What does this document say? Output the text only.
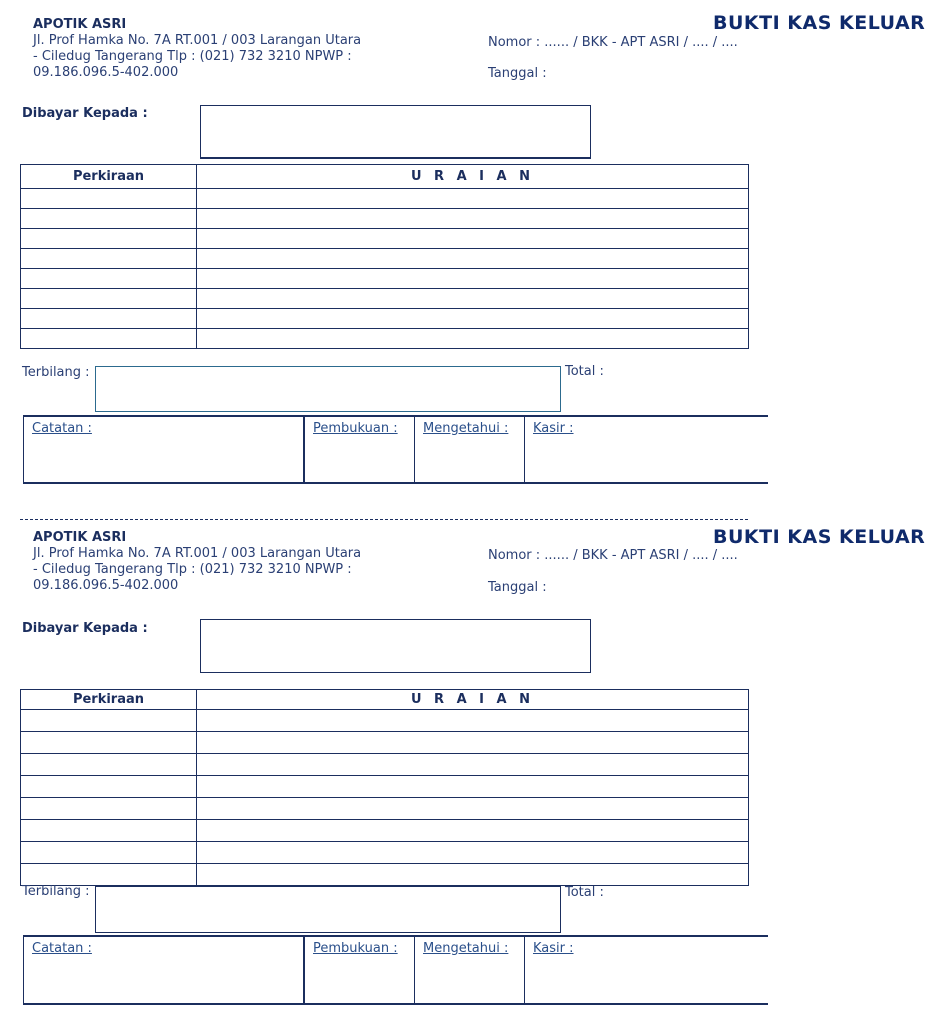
APOTIK ASRI
Jl. Prof Hamka No. 7A RT.001 / 003 Larangan Utara
- Ciledug Tangerang Tlp : (021) 732 3210 NPWP :
09.186.096.5-402.000
BUKTI KAS KELUAR
Nomor : ...... / BKK - APT ASRI / .... / ....
Tanggal :
Dibayar Kepada :
Perkiraan	U R A I A N

Terbilang :	Total :
Catatan :	Pembukuan :	Mengetahui :	Kasir :
APOTIK ASRI
Jl. Prof Hamka No. 7A RT.001 / 003 Larangan Utara
- Ciledug Tangerang Tlp : (021) 732 3210 NPWP :
09.186.096.5-402.000
BUKTI KAS KELUAR
Nomor : ...... / BKK - APT ASRI / .... / ....
Tanggal :
Dibayar Kepada :
Perkiraan	U R A I A N

Terbilang :	Total :
Catatan :	Pembukuan :	Mengetahui :	Kasir :
